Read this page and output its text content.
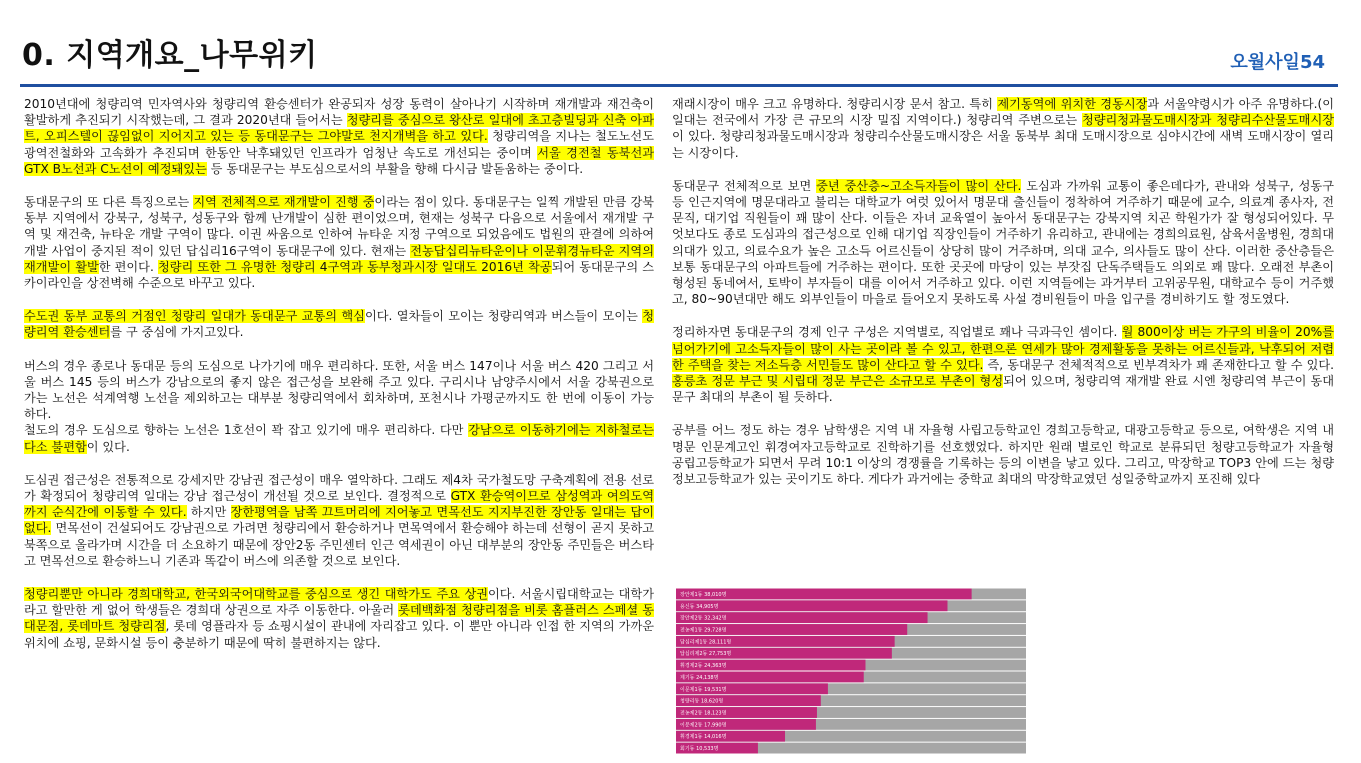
0. 지역개요_나무위키	오월사일54

2010년대에 청량리역 민자역사와 청량리역 환승센터가 완공되자 성장 동력이 살아나기 시작하며 재개발과 재건축이 활발하게 추진되기 시작했는데, 그 결과 2020년대 들어서는 청량리를 중심으로 왕산로 일대에 초고층빌딩과 신축 아파트, 오피스텔이 끊임없이 지어지고 있는 등 동대문구는 그야말로 천지개벽을 하고 있다. 청량리역을 지나는 철도노선도 광역전철화와 고속화가 추진되며 한동안 낙후돼있던 인프라가 엄청난 속도로 개선되는 중이며 서울 경전철 동북선과 GTX B노선과 C노선이 예정돼있는 등 동대문구는 부도심으로서의 부활을 향해 다시금 발돋움하는 중이다.

동대문구의 또 다른 특징으로는 지역 전체적으로 재개발이 진행 중이라는 점이 있다. 동대문구는 일찍 개발된 만큼 강북 동부 지역에서 강북구, 성북구, 성동구와 함께 난개발이 심한 편이었으며, 현재는 성북구 다음으로 서울에서 재개발 구역 및 재건축, 뉴타운 개발 구역이 많다. 이권 싸움으로 인하여 뉴타운 지정 구역으로 되었음에도 법원의 판결에 의하여 개발 사업이 중지된 적이 있던 답십리16구역이 동대문구에 있다. 현재는 전농답십리뉴타운이나 이문휘경뉴타운 지역의 재개발이 활발한 편이다. 청량리 또한 그 유명한 청량리 4구역과 동부청과시장 일대도 2016년 착공되어 동대문구의 스카이라인을 상전벽해 수준으로 바꾸고 있다.

수도권 동부 교통의 거점인 청량리 일대가 동대문구 교통의 핵심이다. 열차들이 모이는 청량리역과 버스들이 모이는 청량리역 환승센터를 구 중심에 가지고있다.

버스의 경우 종로나 동대문 등의 도심으로 나가기에 매우 편리하다. 또한, 서울 버스 147이나 서울 버스 420 그리고 서울 버스 145 등의 버스가 강남으로의 좋지 않은 접근성을 보완해 주고 있다. 구리시나 남양주시에서 서울 강북권으로 가는 노선은 석계역행 노선을 제외하고는 대부분 청량리역에서 회차하며, 포천시나 가평군까지도 한 번에 이동이 가능하다.

철도의 경우 도심으로 향하는 노선은 1호선이 꽉 잡고 있기에 매우 편리하다. 다만 강남으로 이동하기에는 지하철로는 다소 불편함이 있다.

도심권 접근성은 전통적으로 강세지만 강남권 접근성이 매우 열악하다. 그래도 제4차 국가철도망 구축계획에 전용 선로가 확정되어 청량리역 일대는 강남 접근성이 개선될 것으로 보인다. 결정적으로 GTX 환승역이므로 삼성역과 여의도역까지 순식간에 이동할 수 있다. 하지만 장한평역을 남쪽 끄트머리에 지어놓고 면목선도 지지부진한 장안동 일대는 답이 없다. 면목선이 건설되어도 강남권으로 가려면 청량리에서 환승하거나 면목역에서 환승해야 하는데 선형이 곧지 못하고 북쪽으로 올라가며 시간을 더 소요하기 때문에 장안2동 주민센터 인근 역세권이 아닌 대부분의 장안동 주민들은 버스타고 면목선으로 환승하느니 기존과 똑같이 버스에 의존할 것으로 보인다.

청량리뿐만 아니라 경희대학교, 한국외국어대학교를 중심으로 생긴 대학가도 주요 상권이다. 서울시립대학교는 대학가라고 할만한 게 없어 학생들은 경희대 상권으로 자주 이동한다. 아울러 롯데백화점 청량리점을 비롯 홈플러스 스페셜 동대문점, 롯데마트 청량리점, 롯데 영플라자 등 쇼핑시설이 관내에 자리잡고 있다. 이 뿐만 아니라 인접 한 지역의 가까운 위치에 쇼핑, 문화시설 등이 충분하기 때문에 딱히 불편하지는 않다.

재래시장이 매우 크고 유명하다. 청량리시장 문서 참고. 특히 제기동역에 위치한 경동시장과 서울약령시가 아주 유명하다.(이 일대는 전국에서 가장 큰 규모의 시장 밀집 지역이다.) 청량리역 주변으로는 청량리청과물도매시장과 청량리수산물도매시장이 있다. 청량리청과물도매시장과 청량리수산물도매시장은 서울 동북부 최대 도매시장으로 심야시간에 새벽 도매시장이 열리는 시장이다.

동대문구 전체적으로 보면 중년 중산층~고소득자들이 많이 산다. 도심과 가까워 교통이 좋은데다가, 관내와 성북구, 성동구 등 인근지역에 명문대라고 불리는 대학교가 여럿 있어서 명문대 출신들이 정착하여 거주하기 때문에 교수, 의료계 종사자, 전문직, 대기업 직원들이 꽤 많이 산다. 이들은 자녀 교육열이 높아서 동대문구는 강북지역 치곤 학원가가 잘 형성되어있다. 무엇보다도 종로 도심과의 접근성으로 인해 대기업 직장인들이 거주하기 유리하고, 관내에는 경희의료원, 삼육서울병원, 경희대 의대가 있고, 의료수요가 높은 고소득 어르신들이 상당히 많이 거주하며, 의대 교수, 의사들도 많이 산다. 이러한 중산층들은 보통 동대문구의 아파트들에 거주하는 편이다. 또한 곳곳에 마당이 있는 부잣집 단독주택들도 의외로 꽤 많다. 오래전 부촌이 형성된 동네여서, 토박이 부자들이 대를 이어서 거주하고 있다. 이런 지역들에는 과거부터 고위공무원, 대학교수 등이 거주했고, 80~90년대만 해도 외부인들이 마을로 들어오지 못하도록 사설 경비원들이 마을 입구를 경비하기도 할 정도였다.

정리하자면 동대문구의 경제 인구 구성은 지역별로, 직업별로 꽤나 극과극인 셈이다. 월 800이상 버는 가구의 비율이 20%를 넘어가기에 고소득자들이 많이 사는 곳이라 볼 수 있고, 한편으론 연세가 많아 경제활동을 못하는 어르신들과, 낙후되어 저렴한 주택을 찾는 저소득층 서민들도 많이 산다고 할 수 있다. 즉, 동대문구 전체적적으로 빈부격차가 꽤 존재한다고 할 수 있다. 홍릉초 정문 부근 및 시립대 정문 부근은 소규모로 부촌이 형성되어 있으며, 청량리역 재개발 완료 시엔 청량리역 부근이 동대문구 최대의 부촌이 될 듯하다.

공부를 어느 정도 하는 경우 남학생은 지역 내 자율형 사립고등학교인 경희고등학교, 대광고등학교 등으로, 여학생은 지역 내 명문 인문계고인 휘경여자고등학교로 진학하기를 선호했었다. 하지만 원래 별로인 학교로 분류되던 청량고등학교가 자율형 공립고등학교가 되면서 무려 10:1 이상의 경쟁률을 기록하는 등의 이변을 낳고 있다. 그리고, 막장학교 TOP3 안에 드는 청량정보고등학교가 있는 곳이기도 하다. 게다가 과거에는 중학교 최대의 막장학교였던 성일중학교까지 포진해 있다

장안제1동 38,010명
용신동 34,905명
장안제2동 32,342명
전농제1동 29,728명
답십리제1동 28,111명
답십리제2동 27,753명
휘경제2동 24,363명
제기동 24,138명
이문제1동 19,531명
청량리동 18,620명
전농제2동 18,123명
이문제2동 17,990명
휘경제1동 14,016명
회기동 10,533명
